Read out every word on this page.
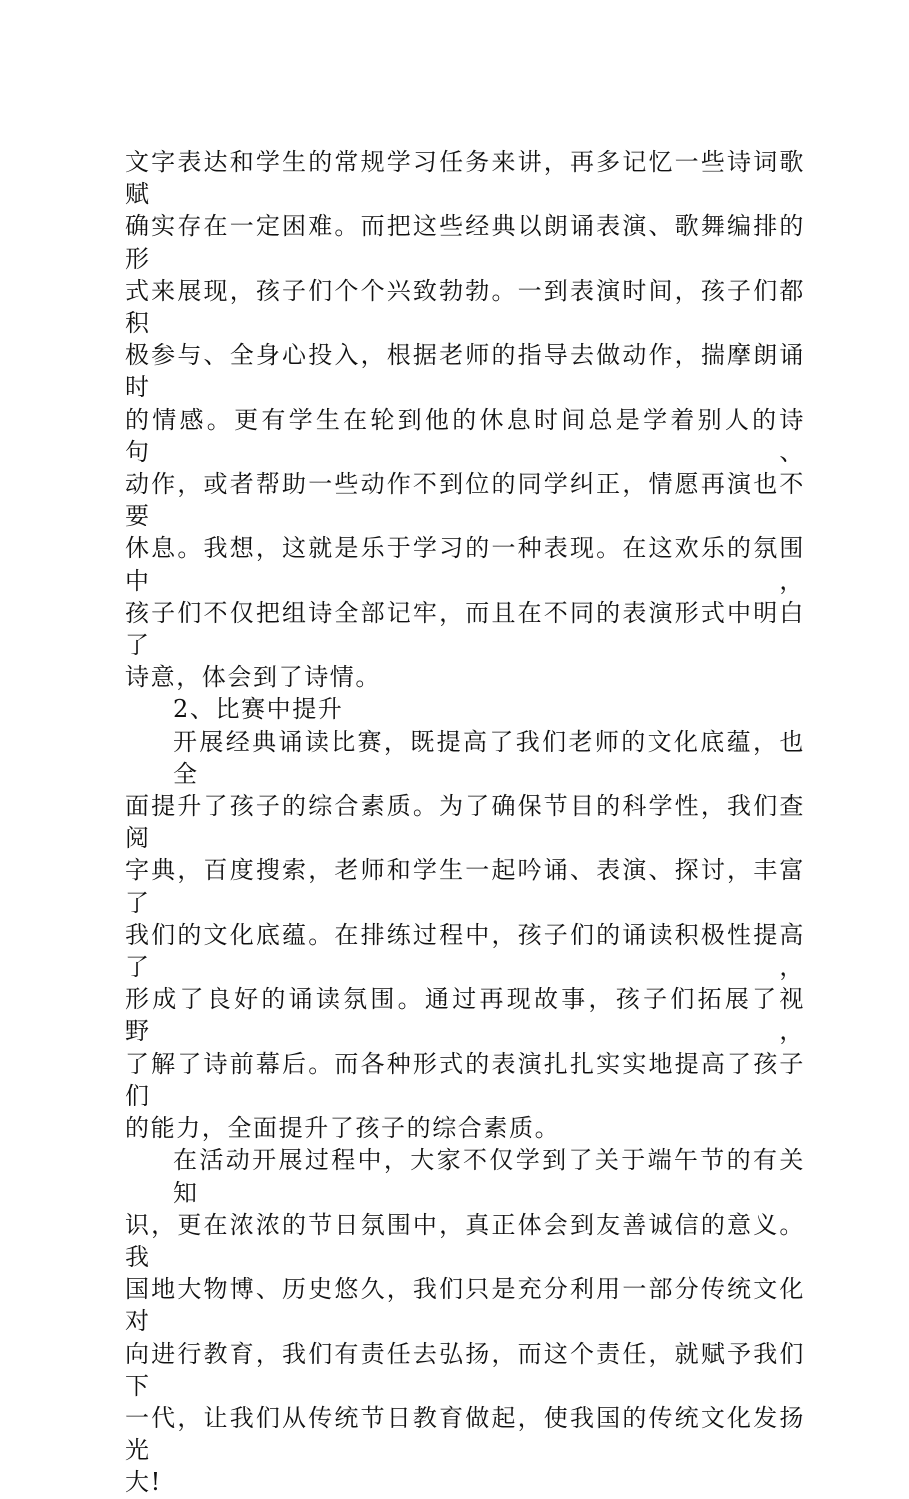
文字表达和学生的常规学习任务来讲，再多记忆一些诗词歌赋
确实存在一定困难。而把这些经典以朗诵表演、歌舞编排的形
式来展现，孩子们个个兴致勃勃。一到表演时间，孩子们都积
极参与、全身心投入，根据老师的指导去做动作，揣摩朗诵时
的情感。更有学生在轮到他的休息时间总是学着别人的诗句、
动作，或者帮助一些动作不到位的同学纠正，情愿再演也不要
休息。我想，这就是乐于学习的一种表现。在这欢乐的氛围中，
孩子们不仅把组诗全部记牢，而且在不同的表演形式中明白了
诗意，体会到了诗情。

2、比赛中提升

开展经典诵读比赛，既提高了我们老师的文化底蕴，也全
面提升了孩子的综合素质。为了确保节目的科学性，我们查阅
字典，百度搜索，老师和学生一起吟诵、表演、探讨，丰富了
我们的文化底蕴。在排练过程中，孩子们的诵读积极性提高了，
形成了良好的诵读氛围。通过再现故事，孩子们拓展了视野，
了解了诗前幕后。而各种形式的表演扎扎实实地提高了孩子们
的能力，全面提升了孩子的综合素质。

在活动开展过程中，大家不仅学到了关于端午节的有关知
识，更在浓浓的节日氛围中，真正体会到友善诚信的意义。我
国地大物博、历史悠久，我们只是充分利用一部分传统文化对
向进行教育，我们有责任去弘扬，而这个责任，就赋予我们下
一代，让我们从传统节日教育做起，使我国的传统文化发扬光
大!
